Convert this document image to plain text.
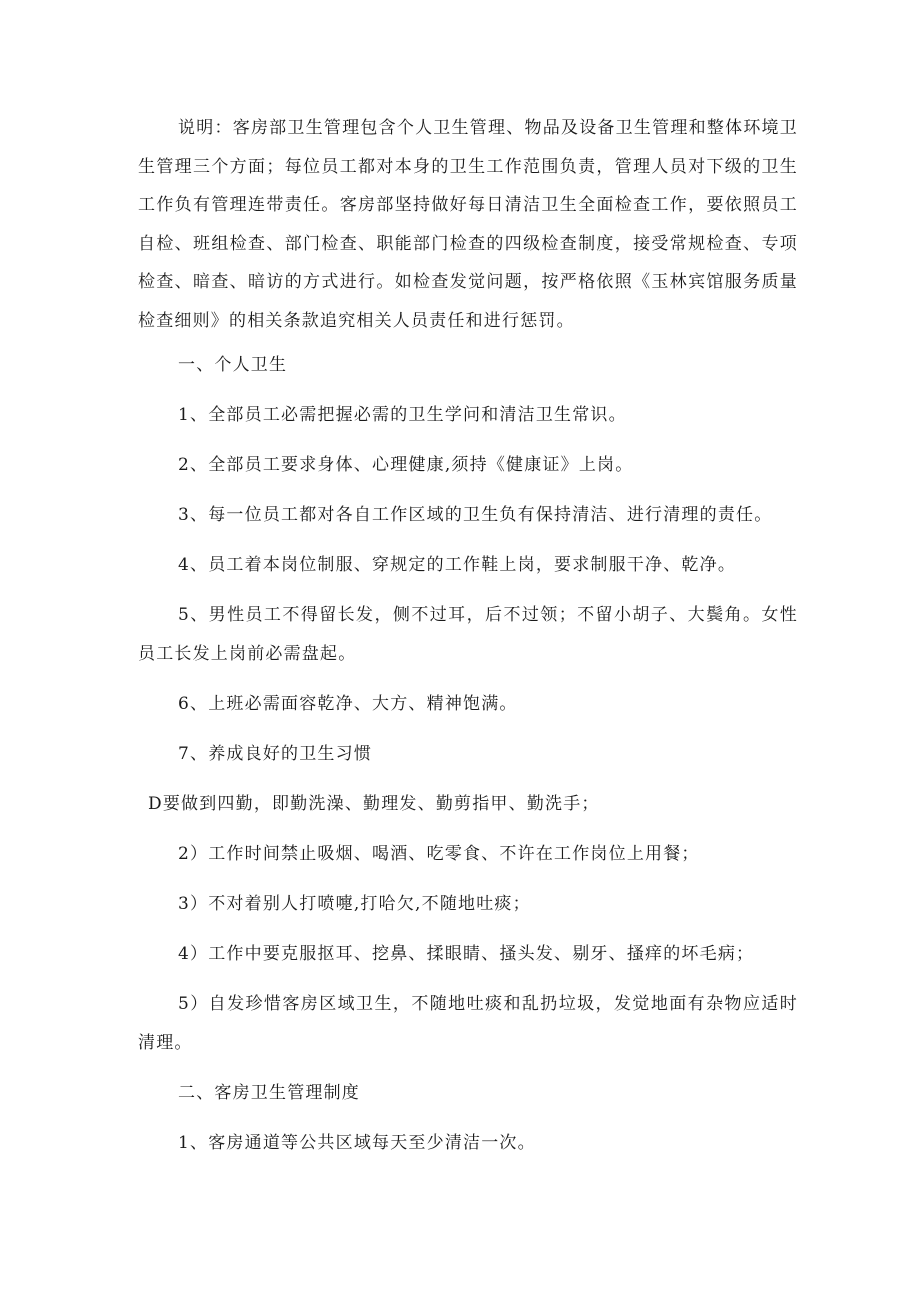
说明：客房部卫生管理包含个人卫生管理、物品及设备卫生管理和整体环境卫生管理三个方面；每位员工都对本身的卫生工作范围负责，管理人员对下级的卫生工作负有管理连带责任。客房部坚持做好每日清洁卫生全面检查工作，要依照员工自检、班组检查、部门检查、职能部门检查的四级检查制度，接受常规检查、专项检查、暗查、暗访的方式进行。如检查发觉问题，按严格依照《玉林宾馆服务质量检查细则》的相关条款追究相关人员责任和进行惩罚。

一、个人卫生

1、全部员工必需把握必需的卫生学问和清洁卫生常识。

2、全部员工要求身体、心理健康,须持《健康证》上岗。

3、每一位员工都对各自工作区域的卫生负有保持清洁、进行清理的责任。

4、员工着本岗位制服、穿规定的工作鞋上岗，要求制服干净、乾净。

5、男性员工不得留长发，侧不过耳，后不过领；不留小胡子、大鬓角。女性员工长发上岗前必需盘起。

6、上班必需面容乾净、大方、精神饱满。

7、养成良好的卫生习惯

D要做到四勤，即勤洗澡、勤理发、勤剪指甲、勤洗手；

2）工作时间禁止吸烟、喝酒、吃零食、不许在工作岗位上用餐；

3）不对着别人打喷嚏,打哈欠,不随地吐痰；

4）工作中要克服抠耳、挖鼻、揉眼睛、搔头发、剔牙、搔痒的坏毛病；

5）自发珍惜客房区域卫生，不随地吐痰和乱扔垃圾，发觉地面有杂物应适时清理。

二、客房卫生管理制度

1、客房通道等公共区域每天至少清洁一次。
